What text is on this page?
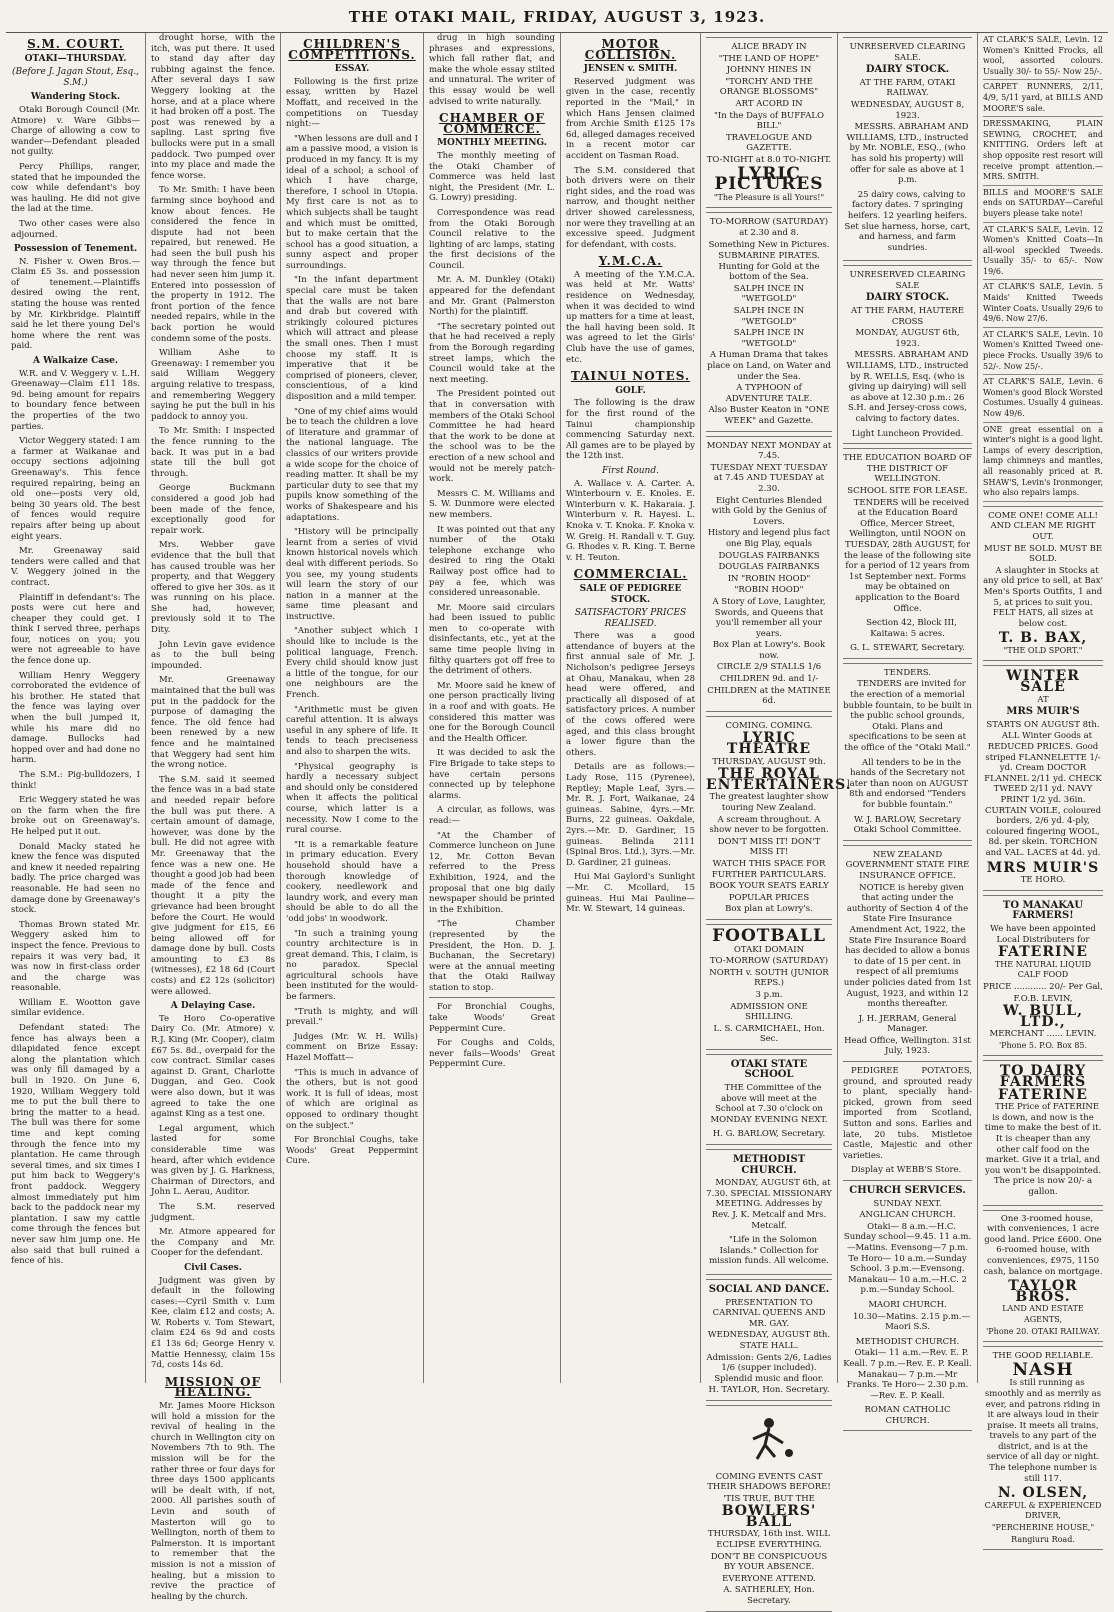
THE OTAKI MAIL, FRIDAY, AUGUST 3, 1923.
S.M. COURT.
OTAKI—THURSDAY.
(Before J. Jagan Stout, Esq., S.M.)
Wandering Stock.

Otaki Borough Council (Mr. Atmore) v. Ware Gibbs—Charge of allowing a cow to wander—Defendant pleaded not guilty.

Percy Phillips, ranger, stated that he impounded the cow while defendant's boy was hauling. He did not give the lad at the time.

Two other cases were also adjourned.

Possession of Tenement.

N. Fisher v. Owen Bros.—Claim £5 3s. and possession of tenement.—Plaintiffs desired owing the rent, stating the house was rented by Mr. Kirkbridge. Plaintiff said he let there young Del's home where the rent was paid.

A Walkaize Case.

W.R. and V. Weggery v. L.H. Greenaway—Claim £11 18s. 9d. being amount for repairs to boundary fence between the properties of the two parties.

Victor Weggery stated: I am a farmer at Waikanae and occupy sections adjoining Greenaway's. This fence required repairing, being an old one—posts very old, being 30 years old. The best of fences would require repairs after being up about eight years.

Mr. Greenaway said tenders were called and that V. Weggery joined in the contract.

Plaintiff in defendant's: The posts were cut here and cheaper they could get. I think I served three, perhaps four, notices on you; you were not agreeable to have the fence done up.

William Henry Weggery corroborated the evidence of his brother. He stated that the fence was laying over when the bull jumped it, while his mare did no damage. Bullocks had hopped over and had done no harm.

The S.M.: Pig-bulldozers, I think!

Eric Weggery stated he was on the farm when the fire broke out on Greenaway's. He helped put it out.

Donald Macky stated he knew the fence was disputed and knew it needed repairing badly. The price charged was reasonable. He had seen no damage done by Greenaway's stock.

Thomas Brown stated Mr. Weggery asked him to inspect the fence. Previous to repairs it was very bad, it was now in first-class order and the charge was reasonable.

William E. Wootton gave similar evidence.

Defendant stated: The fence has always been a dilapidated fence except along the plantation which was only fill damaged by a bull in 1920. On June 6, 1920, William Weggery told me to put the bull there to bring the matter to a head. The bull was there for some time and kept coming through the fence into my plantation. He came through several times, and six times I put him back to Weggery's front paddock. Weggery almost immediately put him back to the paddock near my plantation. I saw my cattle come through the fences but never saw him jump one. He also said that bull ruined a fence of his.

drought horse, with the itch, was put there. It used to stand day after day rubbing against the fence. After several days I saw Weggery looking at the horse, and at a place where it had broken off a post. The post was renewed by a sapling. Last spring five bullocks were put in a small paddock. Two pumped over into my place and made the fence worse.

To Mr. Smith: I have been farming since boyhood and know about fences. He considered the fence in dispute had not been repaired, but renewed. He had seen the bull push his way through the fence but had never seen him jump it. Entered into possession of the property in 1912. The front portion of the fence needed repairs, while in the back portion he would condemn some of the posts.

William Ashe to Greenaway: I remember you said William Weggery arguing relative to trespass, and remembering Weggery saying he put the bull in his paddock to annoy you.

To Mr. Smith: I inspected the fence running to the back. It was put in a bad state till the bull got through.

George Buckmann considered a good job had been made of the fence, exceptionally good for repair work.

Mrs. Webber gave evidence that the bull that has caused trouble was her property, and that Weggery offered to give her 30s. as it was running on his place. She had, however, previously sold it to The Dity.

John Levin gave evidence as to the bull being impounded.

Mr. Greenaway maintained that the bull was put in the paddock for the purpose of damaging the fence. The old fence had been renewed by a new fence and he maintained that Weggery had sent him the wrong notice.

The S.M. said it seemed the fence was in a bad state and needed repair before the bull was put there. A certain amount of damage, however, was done by the bull. He did not agree with Mr. Greenaway that the fence was a new one. He thought a good job had been made of the fence and thought it a pity the grievance had been brought before the Court. He would give judgment for £15, £6 being allowed off for damage done by bull. Costs amounting to £3 8s (witnesses), £2 18 6d (Court costs) and £2 12s (solicitor) were allowed.

A Delaying Case.

Te Horo Co-operative Dairy Co. (Mr. Atmore) v. R.J. King (Mr. Cooper), claim £67 5s. 8d., overpaid for the cow contract. Similar cases against D. Grant, Charlotte Duggan, and Geo. Cook were also down, but it was agreed to take the one against King as a test one.

Legal argument, which lasted for some considerable time was heard, after which evidence was given by J. G. Harkness, Chairman of Directors, and John L. Aerau, Auditor.

The S.M. reserved judgment.

Mr. Atmore appeared for the Company and Mr. Cooper for the defendant.

Civil Cases.

Judgment was given by default in the following cases:—Cyril Smith v. Lum Kee, claim £12 and costs; A. W. Roberts v. Tom Stewart, claim £24 6s 9d and costs £1 13s 6d; George Henry v. Mattie Hennessy, claim 15s 7d, costs 14s 6d.

MISSION OF HEALING.

Mr. James Moore Hickson will hold a mission for the revival of healing in the church in Wellington city on Novembers 7th to 9th. The mission will be for the rather three or four days for three days 1500 applicants will be dealt with, if not, 2000. All parishes south of Levin and south of Masterton will go to Wellington, north of them to Palmerston. It is important to remember that the mission is not a mission of healing, but a mission to revive the practice of healing by the church.

CHILDREN'S COMPETITIONS.
ESSAY.

Following is the first prize essay, written by Hazel Moffatt, and received in the competitions on Tuesday night:—

"When lessons are dull and I am a passive mood, a vision is produced in my fancy. It is my ideal of a school; a school of which I have charge, therefore, I school in Utopia. My first care is not as to which subjects shall be taught and which must be omitted, but to make certain that the school has a good situation, a sunny aspect and proper surroundings.

"In the infant department special care must be taken that the walls are not bare and drab but covered with strikingly coloured pictures which will attract and please the small ones. Then I must choose my staff. It is imperative that it be comprised of pioneers, clever, conscientious, of a kind disposition and a mild temper.

"One of my chief aims would be to teach the children a love of literature and grammar of the national language. The classics of our writers provide a wide scope for the choice of reading matter. It shall be my particular duty to see that my pupils know something of the works of Shakespeare and his adaptations.

"History will be principally learnt from a series of vivid known historical novels which deal with different periods. So you see, my young students will learn the story of our nation in a manner at the same time pleasant and instructive.

"Another subject which I should like to include is the political language, French. Every child should know just a little of the tongue, for our one neighbours are the French.

"Arithmetic must be given careful attention. It is always useful in any sphere of life. It tends to teach preciseness and also to sharpen the wits.

"Physical geography is hardly a necessary subject and should only be considered when it affects the political course, which latter is a necessity. Now I come to the rural course.

"It is a remarkable feature in primary education. Every household should have a thorough knowledge of cookery, needlework and laundry work, and every man should be able to do all the 'odd jobs' in woodwork.

"In such a training young country architecture is in great demand. This, I claim, is no paradox. Special agricultural schools have been instituted for the would-be farmers.

"Truth is mighty, and will prevail."

Judges (Mr. W. H. Wills) comment on Brize Essay: Hazel Moffatt—

"This is much in advance of the others, but is not good work. It is full of ideas, most of which are original as opposed to ordinary thought on the subject."

For Bronchial Coughs, take Woods' Great Peppermint Cure.

drug in high sounding phrases and expressions, which fall rather flat, and make the whole essay stilted and unnatural. The writer of this essay would be well advised to write naturally.

CHAMBER OF COMMERCE.
MONTHLY MEETING.

The monthly meeting of the Otaki Chamber of Commerce was held last night, the President (Mr. L. G. Lowry) presiding.

Correspondence was read from the Otaki Borough Council relative to the lighting of arc lamps, stating the first decisions of the Council.

Mr. A. M. Dunkley (Otaki) appeared for the defendant and Mr. Grant (Palmerston North) for the plaintiff.

"The secretary pointed out that he had received a reply from the Borough regarding street lamps, which the Council would take at the next meeting.

The President pointed out that in conversation with members of the Otaki School Committee he had heard that the work to be done at the school was to be the erection of a new school and would not be merely patch-work.

Messrs C. M. Williams and S. W. Dunmore were elected new members.

It was pointed out that any number of the Otaki telephone exchange who desired to ring the Otaki Railway post office had to pay a fee, which was considered unreasonable.

Mr. Moore said circulars had been issued to public men to co-operate with disinfectants, etc., yet at the same time people living in filthy quarters got off free to the detriment of others.

Mr. Moore said he knew of one person practically living in a roof and with goats. He considered this matter was one for the Borough Council and the Health Officer.

It was decided to ask the Fire Brigade to take steps to have certain persons connected up by telephone alarms.

A circular, as follows, was read:—

"At the Chamber of Commerce luncheon on June 12, Mr. Cotton Bevan referred to the Press Exhibition, 1924, and the proposal that one big daily newspaper should be printed in the Exhibition.

"The Chamber (represented by the President, the Hon. D. J. Buchanan, the Secretary) were at the annual meeting that the Otaki Railway station to stop.

For Bronchial Coughs, take Woods' Great Peppermint Cure.

For Coughs and Colds, never fails—Woods' Great Peppermint Cure.

MOTOR COLLISION.
JENSEN v. SMITH.

Reserved judgment was given in the case, recently reported in the "Mail," in which Hans Jensen claimed from Archie Smith £125 17s 6d, alleged damages received in a recent motor car accident on Tasman Road.

The S.M. considered that both drivers were on their right sides, and the road was narrow, and thought neither driver showed carelessness, nor were they travelling at an excessive speed. Judgment for defendant, with costs.

Y.M.C.A.

A meeting of the Y.M.C.A. was held at Mr. Watts' residence on Wednesday, when it was decided to wind up matters for a time at least, the hall having been sold. It was agreed to let the Girls' Club have the use of games, etc.

TAINUI NOTES.
GOLF.

The following is the draw for the first round of the Tainui championship commencing Saturday next. All games are to be played by the 12th inst.

First Round.

A. Wallace v. A. Carter. A. Winterbourn v. E. Knoles. E. Winterburn v. K. Hakaraia. J. Winterburn v. R. Hayesi. L. Knoka v. T. Knoka. F. Knoka v. W. Greig. H. Randall v. T. Guy. G. Rhodes v. R. King. T. Berne v. H. Teuton.

COMMERCIAL.
SALE OF PEDIGREE STOCK.
SATISFACTORY PRICES REALISED.

There was a good attendance of buyers at the first annual sale of Mr. J. Nicholson's pedigree Jerseys at Ohau, Manakau, when 28 head were offered, and practically all disposed of at satisfactory prices. A number of the cows offered were aged, and this class brought a lower figure than the others.

Details are as follows:— Lady Rose, 115 (Pyrenee), Reptley; Maple Leaf, 3yrs.—Mr. R. J. Fort, Waikanae, 24 guineas. Sabine, 4yrs.—Mr. Burns, 22 guineas. Oakdale, 2yrs.—Mr. D. Gardiner, 15 guineas. Belinda 2111 (Spinal Bros. Ltd.), 3yrs.—Mr. D. Gardiner, 21 guineas.

Hui Mai Gaylord's Sunlight—Mr. C. Mcollard, 15 guineas. Hui Mai Pauline—Mr. W. Stewart, 14 guineas.

ALICE BRADY IN
"THE LAND OF HOPE"
JOHNNY HINES IN
"TORCHY AND THE ORANGE BLOSSOMS"
ART ACORD IN
"In the Days of BUFFALO BILL"
TRAVELOGUE AND GAZETTE.
TO-NIGHT at 8.0 TO-NIGHT.
LYRIC PICTURES
"The Pleasure is all Yours!"
TO-MORROW (SATURDAY) at 2.30 and 8.
Something New in Pictures.
SUBMARINE PIRATES. Hunting for Gold at the bottom of the Sea.
SALPH INCE IN "WETGOLD"
SALPH INCE IN "WETGOLD"
SALPH INCE IN "WETGOLD"
A Human Drama that takes place on Land, on Water and under the Sea.
A TYPHOON of ADVENTURE TALE.
Also Buster Keaton in "ONE WEEK" and Gazette.
MONDAY NEXT MONDAY at 7.45.
TUESDAY NEXT TUESDAY at 7.45 AND TUESDAY at 2.30.
Eight Centuries Blended with Gold by the Genius of Lovers.
History and legend plus fact one Big Play, equals
DOUGLAS FAIRBANKS
DOUGLAS FAIRBANKS
IN "ROBIN HOOD"
"ROBIN HOOD"
A Story of Love, Laughter, Swords, and Queens that you'll remember all your years.
Box Plan at Lowry's. Book now.
CIRCLE 2/9 STALLS 1/6
CHILDREN 9d. and 1/-
CHILDREN at the MATINEE 6d.
COMING. COMING.
LYRIC THEATRE
THURSDAY, AUGUST 9th.
THE ROYAL ENTERTAINERS.
The greatest laughter show touring New Zealand.
A scream throughout. A show never to be forgotten.
DON'T MISS IT! DON'T MISS IT!
WATCH THIS SPACE FOR FURTHER PARTICULARS.
BOOK YOUR SEATS EARLY
POPULAR PRICES
Box plan at Lowry's.
FOOTBALL
OTAKI DOMAIN
TO-MORROW (SATURDAY)
NORTH v. SOUTH (JUNIOR REPS.)
3 p.m.
ADMISSION ONE SHILLING.
L. S. CARMICHAEL, Hon. Sec.
OTAKI STATE SCHOOL

THE Committee of the above will meet at the School at 7.30 o'clock on MONDAY EVENING NEXT.

H. G. BARLOW, Secretary.
METHODIST CHURCH.

MONDAY, AUGUST 6th, at 7.30. SPECIAL MISSIONARY MEETING. Addresses by Rev. J. K. Metcalf and Mrs. Metcalf.

"Life in the Solomon Islands." Collection for mission funds. All welcome.

SOCIAL AND DANCE.
PRESENTATION TO CARNIVAL QUEENS AND MR. GAY.
WEDNESDAY, AUGUST 8th. STATE HALL.
Admission: Gents 2/6, Ladies 1/6 (supper included). Splendid music and floor.
H. TAYLOR, Hon. Secretary.
COMING EVENTS CAST THEIR SHADOWS BEFORE!
'TIS TRUE, BUT THE
BOWLERS' BALL
THURSDAY, 16th inst. WILL ECLIPSE EVERYTHING.
DON'T BE CONSPICUOUS BY YOUR ABSENCE.
EVERYONE ATTEND.
A. SATHERLEY, Hon. Secretary.
UNRESERVED CLEARING SALE.
DAIRY STOCK.
AT THE FARM, OTAKI RAILWAY.
WEDNESDAY, AUGUST 8, 1923.

MESSRS. ABRAHAM AND WILLIAMS, LTD., instructed by Mr. NOBLE, ESQ., (who has sold his property) will offer for sale as above at 1 p.m.

25 dairy cows, calving to factory dates. 7 springing heifers. 12 yearling heifers. Set slue harness, horse, cart, and harness, and farm sundries.

UNRESERVED CLEARING SALE
DAIRY STOCK.
AT THE FARM, HAUTERE CROSS
MONDAY, AUGUST 6th, 1923.

MESSRS. ABRAHAM AND WILLIAMS, LTD., instructed by R. WELLS, Esq. (who is giving up dairying) will sell as above at 12.30 p.m.: 26 S.H. and Jersey-cross cows, calving to factory dates.

Light Luncheon Provided.
THE EDUCATION BOARD OF THE DISTRICT OF WELLINGTON.
SCHOOL SITE FOR LEASE.

TENDERS will be received at the Education Board Office, Mercer Street, Wellington, until NOON on TUESDAY, 28th AUGUST, for the lease of the following site for a period of 12 years from 1st September next. Forms may be obtained on application to the Board Office.

Section 42, Block III, Kaitawa: 5 acres.

G. L. STEWART, Secretary.
TENDERS.

TENDERS are invited for the erection of a memorial bubble fountain, to be built in the public school grounds, Otaki. Plans and specifications to be seen at the office of the "Otaki Mail."

All tenders to be in the hands of the Secretary not later than noon on AUGUST 8th and endorsed "Tenders for bubble fountain."

W. J. BARLOW, Secretary Otaki School Committee.
NEW ZEALAND GOVERNMENT STATE FIRE INSURANCE OFFICE.

NOTICE is hereby given that acting under the authority of Section 4 of the State Fire Insurance Amendment Act, 1922, the State Fire Insurance Board has decided to allow a bonus to date of 15 per cent. in respect of all premiums under policies dated from 1st August, 1923, and within 12 months thereafter.

J. H. JERRAM, General Manager.
Head Office, Wellington. 31st July, 1923.

PEDIGREE POTATOES, ground, and sprouted ready to plant, specially hand-picked, grown from seed imported from Scotland, Sutton and sons. Earlies and late, 20 tubs. Mistletoe Castle, Majestic and other varieties.

Display at WEBB'S Store.

CHURCH SERVICES.
SUNDAY NEXT.
ANGLICAN CHURCH.

Otaki— 8 a.m.—H.C. Sunday school—9.45. 11 a.m.—Matins. Evensong—7 p.m. Te Horo— 10 a.m.—Sunday School. 3 p.m.—Evensong. Manakau— 10 a.m.—H.C. 2 p.m.—Sunday School.

MAORI CHURCH.

10.30—Matins. 2.15 p.m.—Maori S.S.

METHODIST CHURCH.

Otaki— 11 a.m.—Rev. E. P. Keall. 7 p.m.—Rev. E. P. Keall. Manakau— 7 p.m.—Mr Franks. Te Horo— 2.30 p.m.—Rev. E. P. Keall.

ROMAN CATHOLIC CHURCH.

AT CLARK'S SALE, Levin. 12 Women's Knitted Frocks, all wool, assorted colours. Usually 30/- to 55/- Now 25/-.

CARPET RUNNERS, 2/11, 4/9, 5/11 yard, at BILLS AND MOORE'S sale.

DRESSMAKING, PLAIN SEWING, CROCHET, and KNITTING. Orders left at shop opposite rest resort will receive prompt attention.—MRS. SMITH.

BILLS and MOORE'S SALE ends on SATURDAY—Careful buyers please take note!

AT CLARK'S SALE, Levin. 12 Women's Knitted Coats—In all-wool speckled Tweeds. Usually 35/- to 65/-. Now 19/6.

AT CLARK'S SALE, Levin. 5 Maids' Knitted Tweeds Winter Coats. Usually 29/6 to 49/6. Now 27/6.

AT CLARK'S SALE, Levin. 10 Women's Knitted Tweed one-piece Frocks. Usually 39/6 to 52/-. Now 25/-.

AT CLARK'S SALE, Levin. 6 Women's good Block Worsted Costumes. Usually 4 guineas. Now 49/6.

ONE great essential on a winter's night is a good light. Lamps of every description, lamp chimneys and mantles, all reasonably priced at R. SHAW'S, Levin's Ironmonger, who also repairs lamps.

COME ONE! COME ALL! AND CLEAN ME RIGHT OUT.
MUST BE SOLD. MUST BE SOLD.

A slaughter in Stocks at any old price to sell, at Bax' Men's Sports Outfits, 1 and 5, at prices to suit you. FELT HATS, all sizes at below cost.

T. B. BAX,
"THE OLD SPORT."
WINTER SALE
AT
MRS MUIR'S
STARTS ON AUGUST 8th.

ALL Winter Goods at REDUCED PRICES. Good striped FLANNELETTE 1/- yd. Cream DOCTOR FLANNEL 2/11 yd. CHECK TWEED 2/11 yd. NAVY PRINT 1/2 yd. 36in. CURTAIN VOILE, coloured borders, 2/6 yd. 4-ply, coloured fingering WOOL, 8d. per skein. TORCHON and VAL. LACES at 4d. yd.

MRS MUIR'S
TE HORO.
TO MANAKAU FARMERS!
We have been appointed Local Distributers for
FATERINE
THE NATURAL LIQUID CALF FOOD
PRICE ............ 20/- Per Gal,
F.O.B. LEVIN,
W. BULL, LTD.,
MERCHANT ...... LEVIN.
'Phone 5. P.O. Box 85.
TO DAIRY FARMERS
FATERINE

THE Price of FATERINE is down, and now is the time to make the best of it. It is cheaper than any other calf food on the market. Give it a trial, and you won't be disappointed. The price is now 20/- a gallon.

One 3-roomed house, with conveniences, 1 acre good land. Price £600. One 6-roomed house, with conveniences, £975, 1150 cash, balance on mortgage.

TAYLOR BROS.
LAND AND ESTATE AGENTS,
'Phone 20. OTAKI RAILWAY.
THE GOOD RELIABLE.
NASH

Is still running as smoothly and as merrily as ever, and patrons riding in it are always loud in their praise. It meets all trains, travels to any part of the district, and is at the service of all day or night. The telephone number is still 117.

N. OLSEN,
CAREFUL & EXPERIENCED DRIVER,
"PERCHERINE HOUSE,"
Rangiuru Road.
